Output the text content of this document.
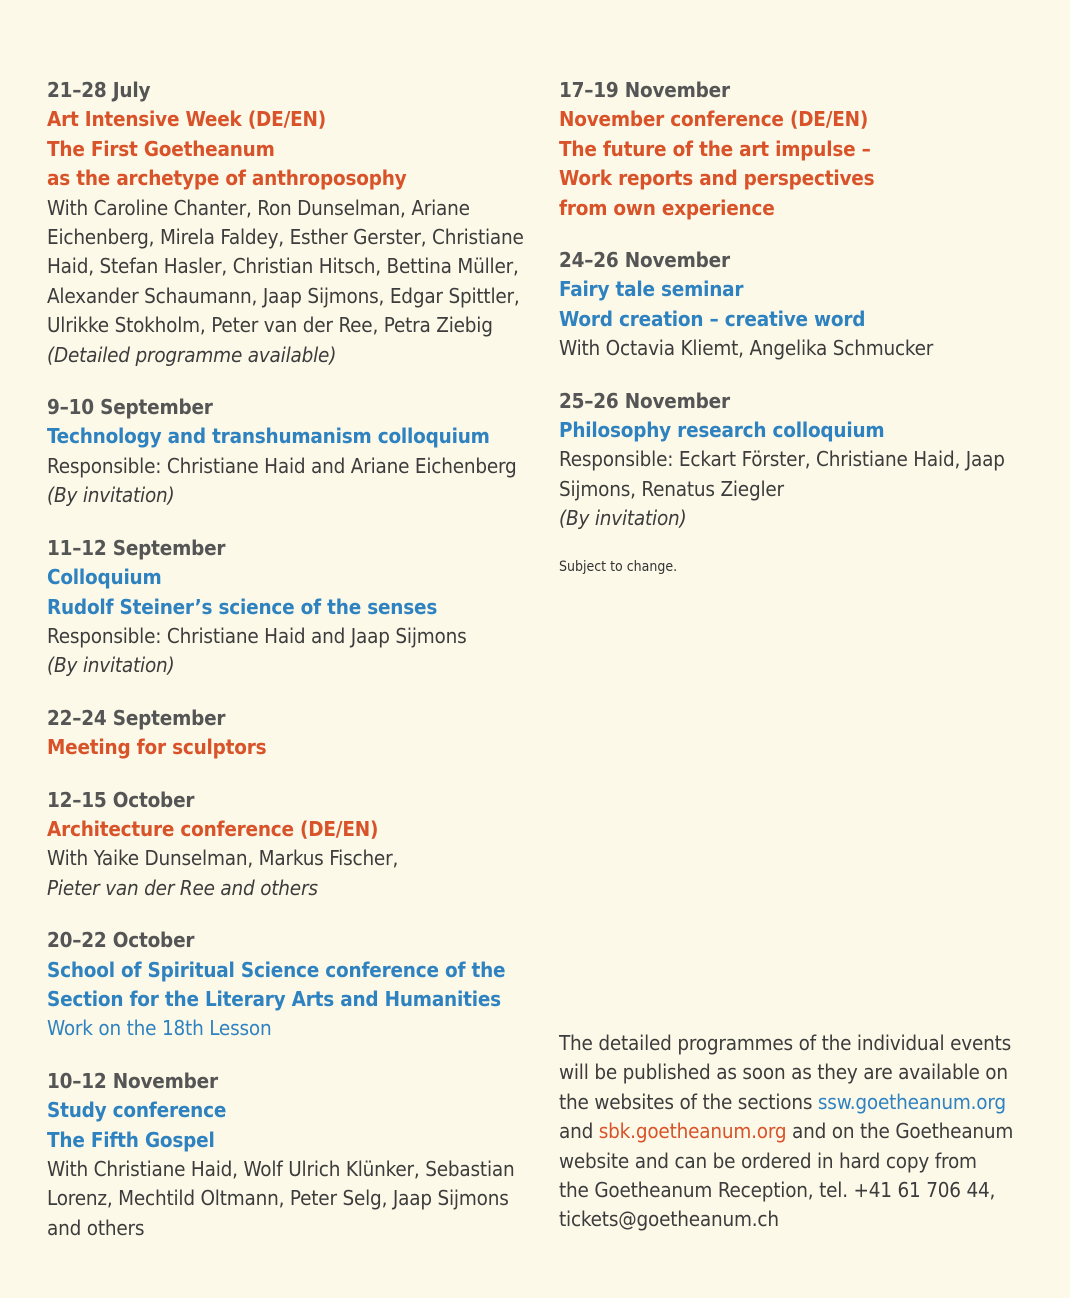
21–28 July
Art Intensive Week (DE/EN)
The First Goetheanum
as the archetype of anthroposophy
With Caroline Chanter, Ron Dunselman, Ariane
Eichenberg, Mirela Faldey, Esther Gerster, Christiane
Haid, Stefan Hasler, Christian Hitsch, Bettina Müller,
Alexander Schaumann, Jaap Sijmons, Edgar Spittler,
Ulrikke Stokholm, Peter van der Ree, Petra Ziebig
(Detailed programme available)
9–10 September
Technology and transhumanism colloquium
Responsible: Christiane Haid and Ariane Eichenberg
(By invitation)
11–12 September
Colloquium
Rudolf Steiner’s science of the senses
Responsible: Christiane Haid and Jaap Sijmons
(By invitation)
22–24 September
Meeting for sculptors
12–15 October
Architecture conference (DE/EN)
With Yaike Dunselman, Markus Fischer,
Pieter van der Ree and others
20–22 October
School of Spiritual Science conference of the
Section for the Literary Arts and Humanities
Work on the 18th Lesson
10–12 November
Study conference
The Fifth Gospel
With Christiane Haid, Wolf Ulrich Klünker, Sebastian
Lorenz, Mechtild Oltmann, Peter Selg, Jaap Sijmons
and others
17–19 November
November conference (DE/EN)
The future of the art impulse –
Work reports and perspectives
from own experience
24–26 November
Fairy tale seminar
Word creation – creative word
With Octavia Kliemt, Angelika Schmucker
25–26 November
Philosophy research colloquium
Responsible: Eckart Förster, Christiane Haid, Jaap
Sijmons, Renatus Ziegler
(By invitation)
Subject to change.
The detailed programmes of the individual events
will be published as soon as they are available on
the websites of the sections ssw.goetheanum.org
and sbk.goetheanum.org and on the Goetheanum
website and can be ordered in hard copy from
the Goetheanum Reception, tel. +41 61 706 44,
tickets@goetheanum.ch
